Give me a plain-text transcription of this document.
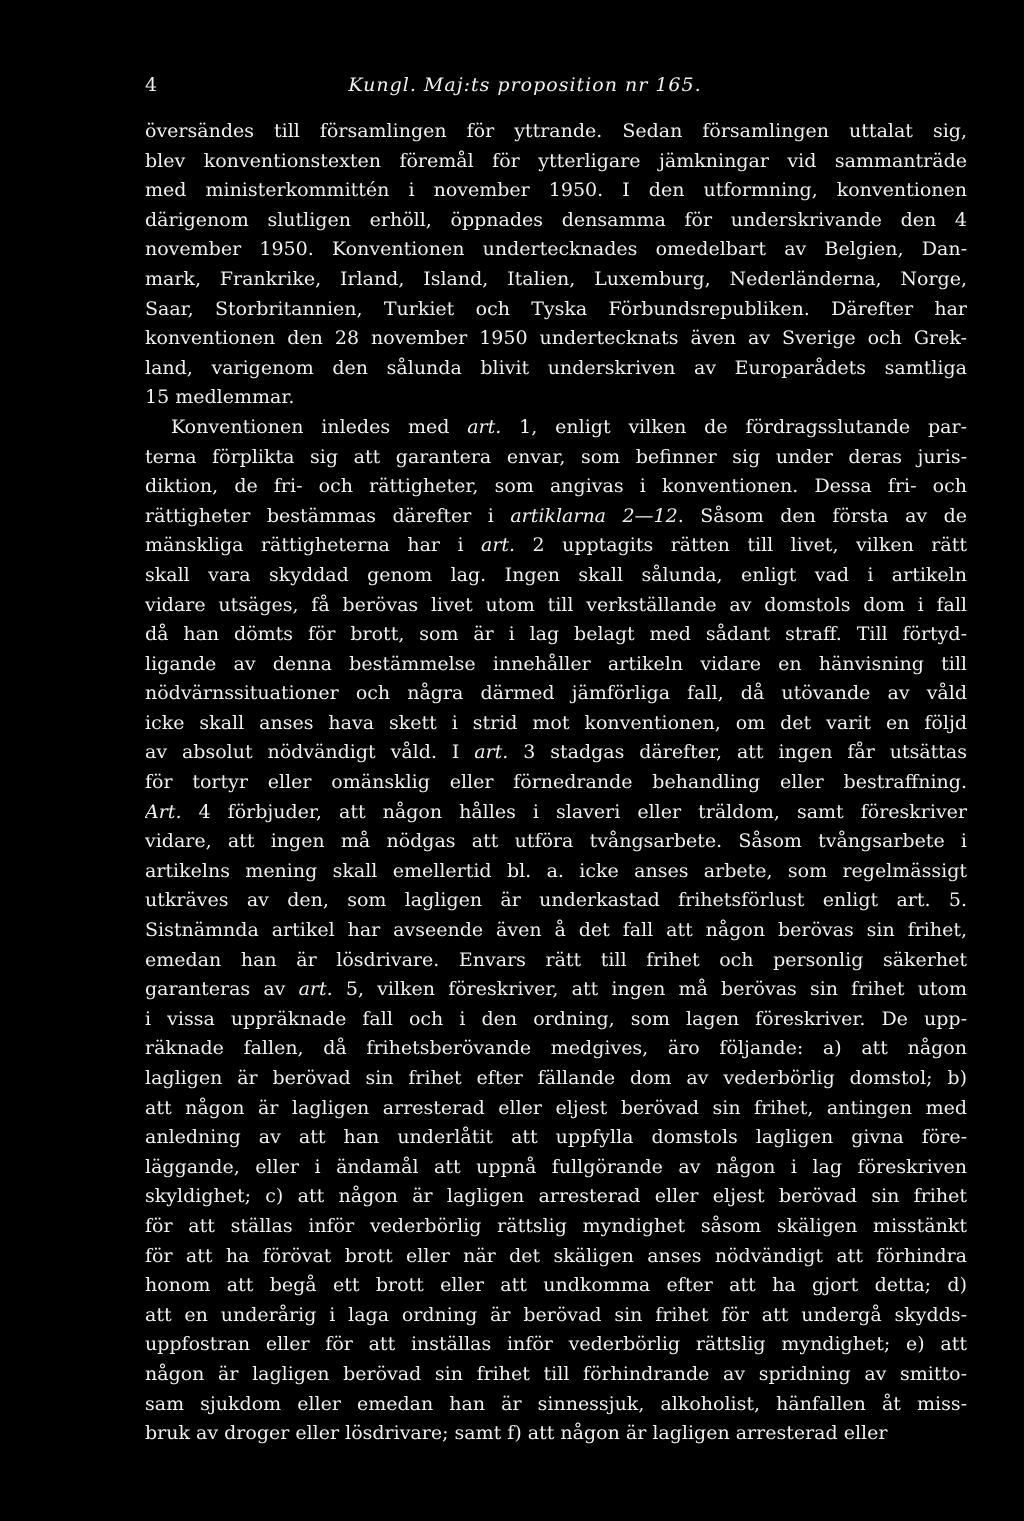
4	Kungl. Maj:ts proposition nr 165.
översändes till församlingen för yttrande. Sedan församlingen uttalat sig,
blev konventionstexten föremål för ytterligare jämkningar vid sammanträde
med ministerkommittén i november 1950. I den utformning, konventionen
därigenom slutligen erhöll, öppnades densamma för underskrivande den 4
november 1950. Konventionen undertecknades omedelbart av Belgien, Dan-
mark, Frankrike, Irland, Island, Italien, Luxemburg, Nederländerna, Norge,
Saar, Storbritannien, Turkiet och Tyska Förbundsrepubliken. Därefter har
konventionen den 28 november 1950 undertecknats även av Sverige och Grek-
land, varigenom den sålunda blivit underskriven av Europarådets samtliga
15 medlemmar.
Konventionen inledes med art. 1, enligt vilken de fördragsslutande par-
terna förplikta sig att garantera envar, som befinner sig under deras juris-
diktion, de fri- och rättigheter, som angivas i konventionen. Dessa fri- och
rättigheter bestämmas därefter i artiklarna 2—12. Såsom den första av de
mänskliga rättigheterna har i art. 2 upptagits rätten till livet, vilken rätt
skall vara skyddad genom lag. Ingen skall sålunda, enligt vad i artikeln
vidare utsäges, få berövas livet utom till verkställande av domstols dom i fall
då han dömts för brott, som är i lag belagt med sådant straff. Till förtyd-
ligande av denna bestämmelse innehåller artikeln vidare en hänvisning till
nödvärnssituationer och några därmed jämförliga fall, då utövande av våld
icke skall anses hava skett i strid mot konventionen, om det varit en följd
av absolut nödvändigt våld. I art. 3 stadgas därefter, att ingen får utsättas
för tortyr eller omänsklig eller förnedrande behandling eller bestraffning.
Art. 4 förbjuder, att någon hålles i slaveri eller träldom, samt föreskriver
vidare, att ingen må nödgas att utföra tvångsarbete. Såsom tvångsarbete i
artikelns mening skall emellertid bl. a. icke anses arbete, som regelmässigt
utkräves av den, som lagligen är underkastad frihetsförlust enligt art. 5.
Sistnämnda artikel har avseende även å det fall att någon berövas sin frihet,
emedan han är lösdrivare. Envars rätt till frihet och personlig säkerhet
garanteras av art. 5, vilken föreskriver, att ingen må berövas sin frihet utom
i vissa uppräknade fall och i den ordning, som lagen föreskriver. De upp-
räknade fallen, då frihetsberövande medgives, äro följande: a) att någon
lagligen är berövad sin frihet efter fällande dom av vederbörlig domstol; b)
att någon är lagligen arresterad eller eljest berövad sin frihet, antingen med
anledning av att han underlåtit att uppfylla domstols lagligen givna före-
läggande, eller i ändamål att uppnå fullgörande av någon i lag föreskriven
skyldighet; c) att någon är lagligen arresterad eller eljest berövad sin frihet
för att ställas inför vederbörlig rättslig myndighet såsom skäligen misstänkt
för att ha förövat brott eller när det skäligen anses nödvändigt att förhindra
honom att begå ett brott eller att undkomma efter att ha gjort detta; d)
att en underårig i laga ordning är berövad sin frihet för att undergå skydds-
uppfostran eller för att inställas inför vederbörlig rättslig myndighet; e) att
någon är lagligen berövad sin frihet till förhindrande av spridning av smitto-
sam sjukdom eller emedan han är sinnessjuk, alkoholist, hänfallen åt miss-
bruk av droger eller lösdrivare; samt f) att någon är lagligen arresterad eller
